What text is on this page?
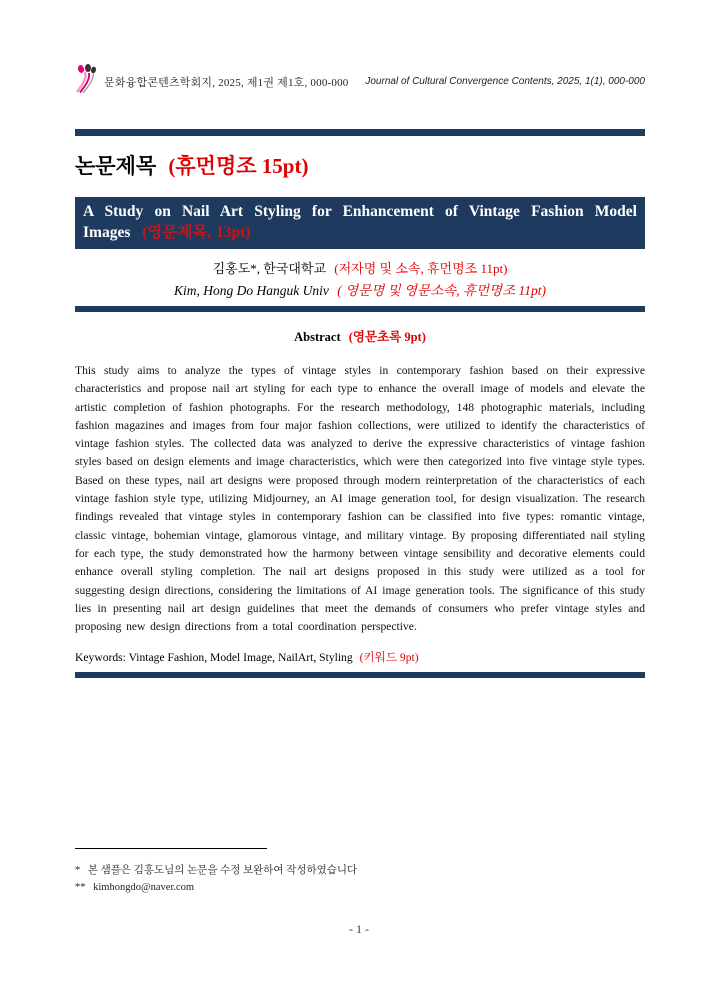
문화융합콘텐츠학회지, 2025, 제1권 제1호, 000-000 Journal of Cultural Convergence Contents, 2025, 1(1), 000-000
논문제목 (휴먼명조 15pt)
A Study on Nail Art Styling for Enhancement of Vintage Fashion Model Images (영문제목, 13pt)
김홍도*, 한국대학교 (저자명 및 소속, 휴먼명조 11pt)
Kim, Hong Do Hanguk Univ ( 영문명 및 영문소속, 휴먼명조 11pt)
Abstract (영문초록 9pt)

This study aims to analyze the types of vintage styles in contemporary fashion based on their expressive characteristics and propose nail art styling for each type to enhance the overall image of models and elevate the artistic completion of fashion photographs. For the research methodology, 148 photographic materials, including fashion magazines and images from four major fashion collections, were utilized to identify the characteristics of vintage fashion styles. The collected data was analyzed to derive the expressive characteristics of vintage fashion styles based on design elements and image characteristics, which were then categorized into five vintage style types. Based on these types, nail art designs were proposed through modern reinterpretation of the characteristics of each vintage fashion style type, utilizing Midjourney, an AI image generation tool, for design visualization. The research findings revealed that vintage styles in contemporary fashion can be classified into five types: romantic vintage, classic vintage, bohemian vintage, glamorous vintage, and military vintage. By proposing differentiated nail styling for each type, the study demonstrated how the harmony between vintage sensibility and decorative elements could enhance overall styling completion. The nail art designs proposed in this study were utilized as a tool for suggesting design directions, considering the limitations of AI image generation tools. The significance of this study lies in presenting nail art design guidelines that meet the demands of consumers who prefer vintage styles and proposing new design directions from a total coordination perspective.

Keywords: Vintage Fashion, Model Image, NailArt, Styling (키워드 9pt)
* 본 샘플은 김홍도님의 논문을 수정 보완하여 작성하였습니다
** kimhongdo@naver.com
- 1 -
